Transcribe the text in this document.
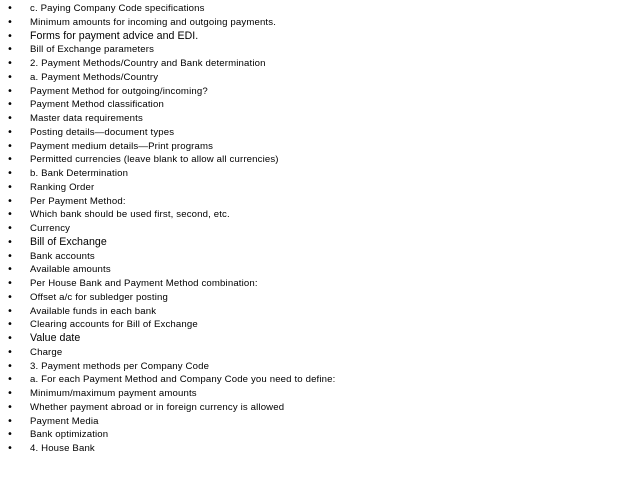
• c. Paying Company Code specifications
• Minimum amounts for incoming and outgoing payments.
• Forms for payment advice and EDI.
• Bill of Exchange parameters
• 2. Payment Methods/Country and Bank determination
• a. Payment Methods/Country
• Payment Method for outgoing/incoming?
• Payment Method classification
• Master data requirements
• Posting details—document types
• Payment medium details—Print programs
• Permitted currencies (leave blank to allow all currencies)
• b. Bank Determination
• Ranking Order
• Per Payment Method:
• Which bank should be used first, second, etc.
• Currency
• Bill of Exchange
• Bank accounts
• Available amounts
• Per House Bank and Payment Method combination:
• Offset a/c for subledger posting
• Available funds in each bank
• Clearing accounts for Bill of Exchange
• Value date
• Charge
• 3. Payment methods per Company Code
• a. For each Payment Method and Company Code you need to define:
• Minimum/maximum payment amounts
• Whether payment abroad or in foreign currency is allowed
• Payment Media
• Bank optimization
• 4. House Bank
